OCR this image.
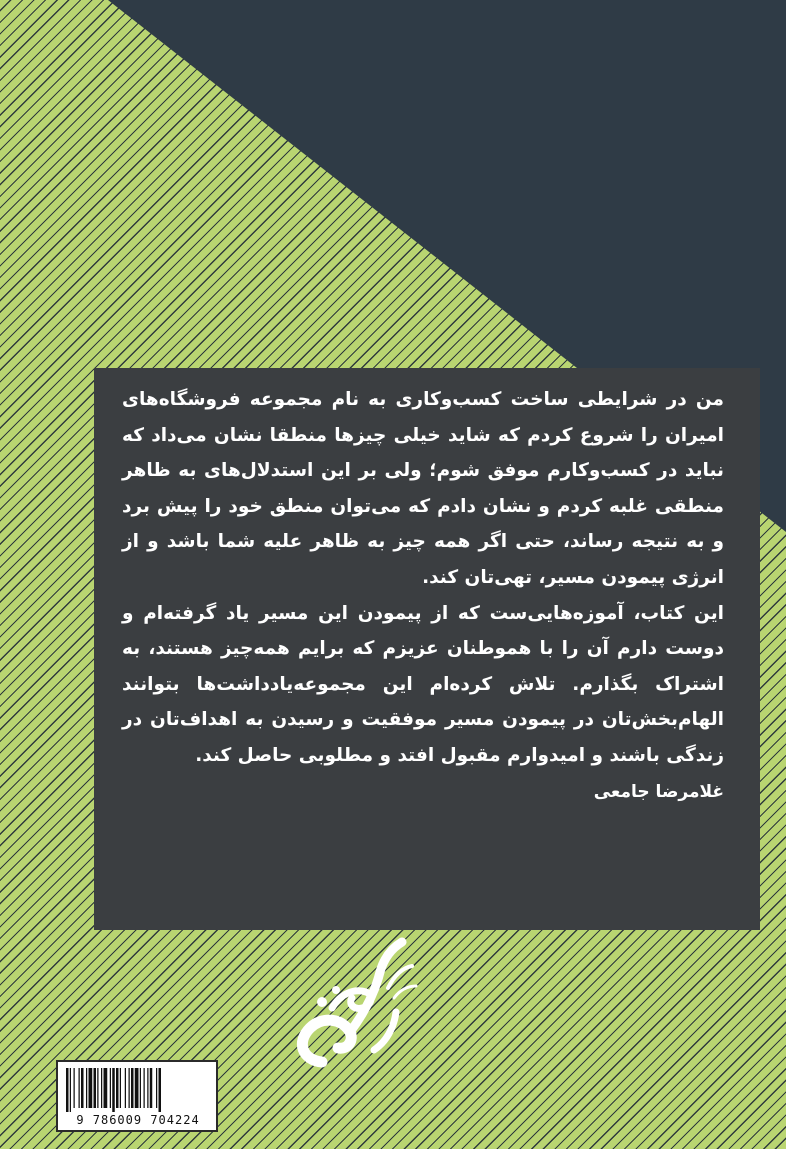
من در شرایطی ساخت کسب‌وکاری به نام مجموعه فروشگاه‌های امیران را شروع کردم که شاید خیلی چیزها منطقا نشان می‌داد که نباید در کسب‌وکارم موفق شوم؛ ولی بر این استدلال‌های به ظاهر منطقی غلبه کردم و نشان دادم که می‌توان منطق خود را پیش برد و به نتیجه رساند، حتی اگر همه چیز به ظاهر علیه شما باشد و از انرژی پیمودن مسیر، تهی‌تان کند.

این کتاب، آموزه‌هایی‌ست که از پیمودن این مسیر یاد گرفته‌ام و دوست دارم آن را با هموطنان عزیزم که برایم همه‌چیز هستند، به اشتراک بگذارم. تلاش کرده‌ام این مجموعه‌یادداشت‌ها بتوانند الهام‌بخش‌تان در پیمودن مسیر موفقیت و رسیدن به اهداف‌تان در زندگی باشند و امیدوارم مقبول افتد و مطلوبی حاصل کند.

غلامرضا جامعی

9 786009 704224
